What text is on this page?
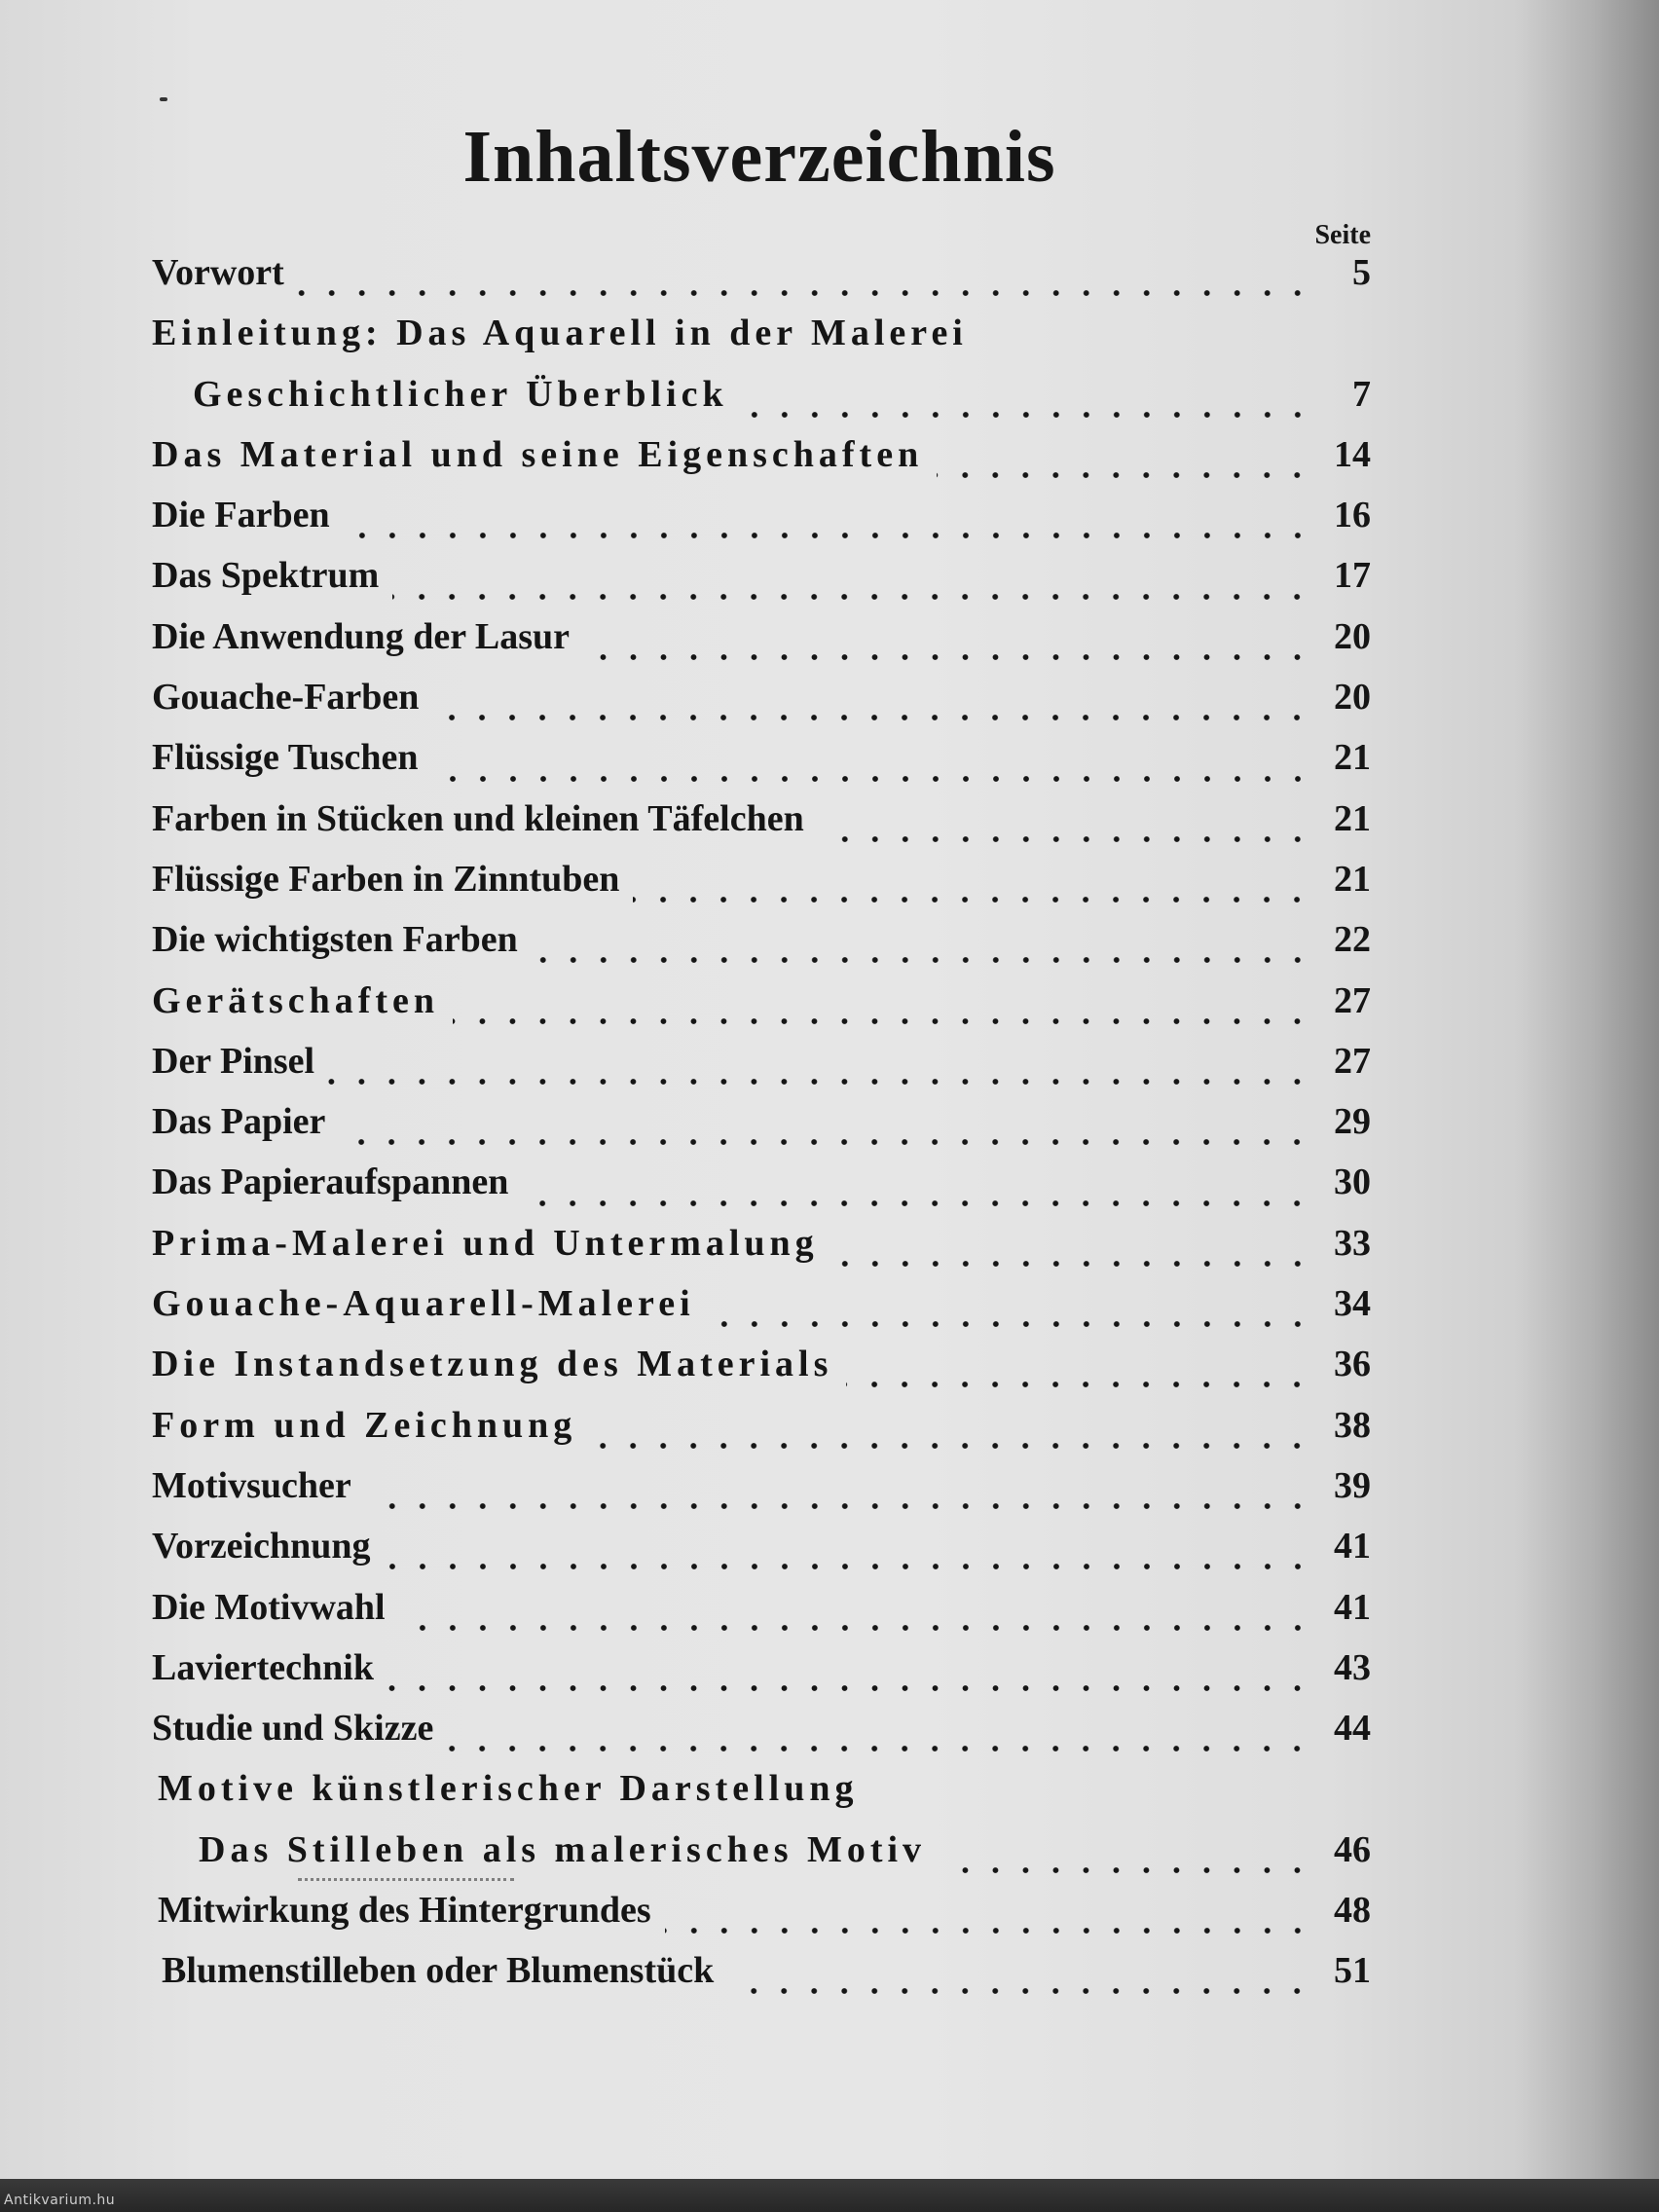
Inhaltsverzeichnis
Seite
Vorwort	5
Einleitung: Das Aquarell in der Malerei
Geschichtlicher Überblick	7
Das Material und seine Eigenschaften	14
Die Farben	16
Das Spektrum	17
Die Anwendung der Lasur	20
Gouache-Farben	20
Flüssige Tuschen	21
Farben in Stücken und kleinen Täfelchen	21
Flüssige Farben in Zinntuben	21
Die wichtigsten Farben	22
Gerätschaften	27
Der Pinsel	27
Das Papier	29
Das Papieraufspannen	30
Prima-Malerei und Untermalung	33
Gouache-Aquarell-Malerei	34
Die Instandsetzung des Materials	36
Form und Zeichnung	38
Motivsucher	39
Vorzeichnung	41
Die Motivwahl	41
Laviertechnik	43
Studie und Skizze	44
Motive künstlerischer Darstellung
Das Stilleben als malerisches Motiv	46
Mitwirkung des Hintergrundes	48
Blumenstilleben oder Blumenstück	51
Antikvarium.hu
